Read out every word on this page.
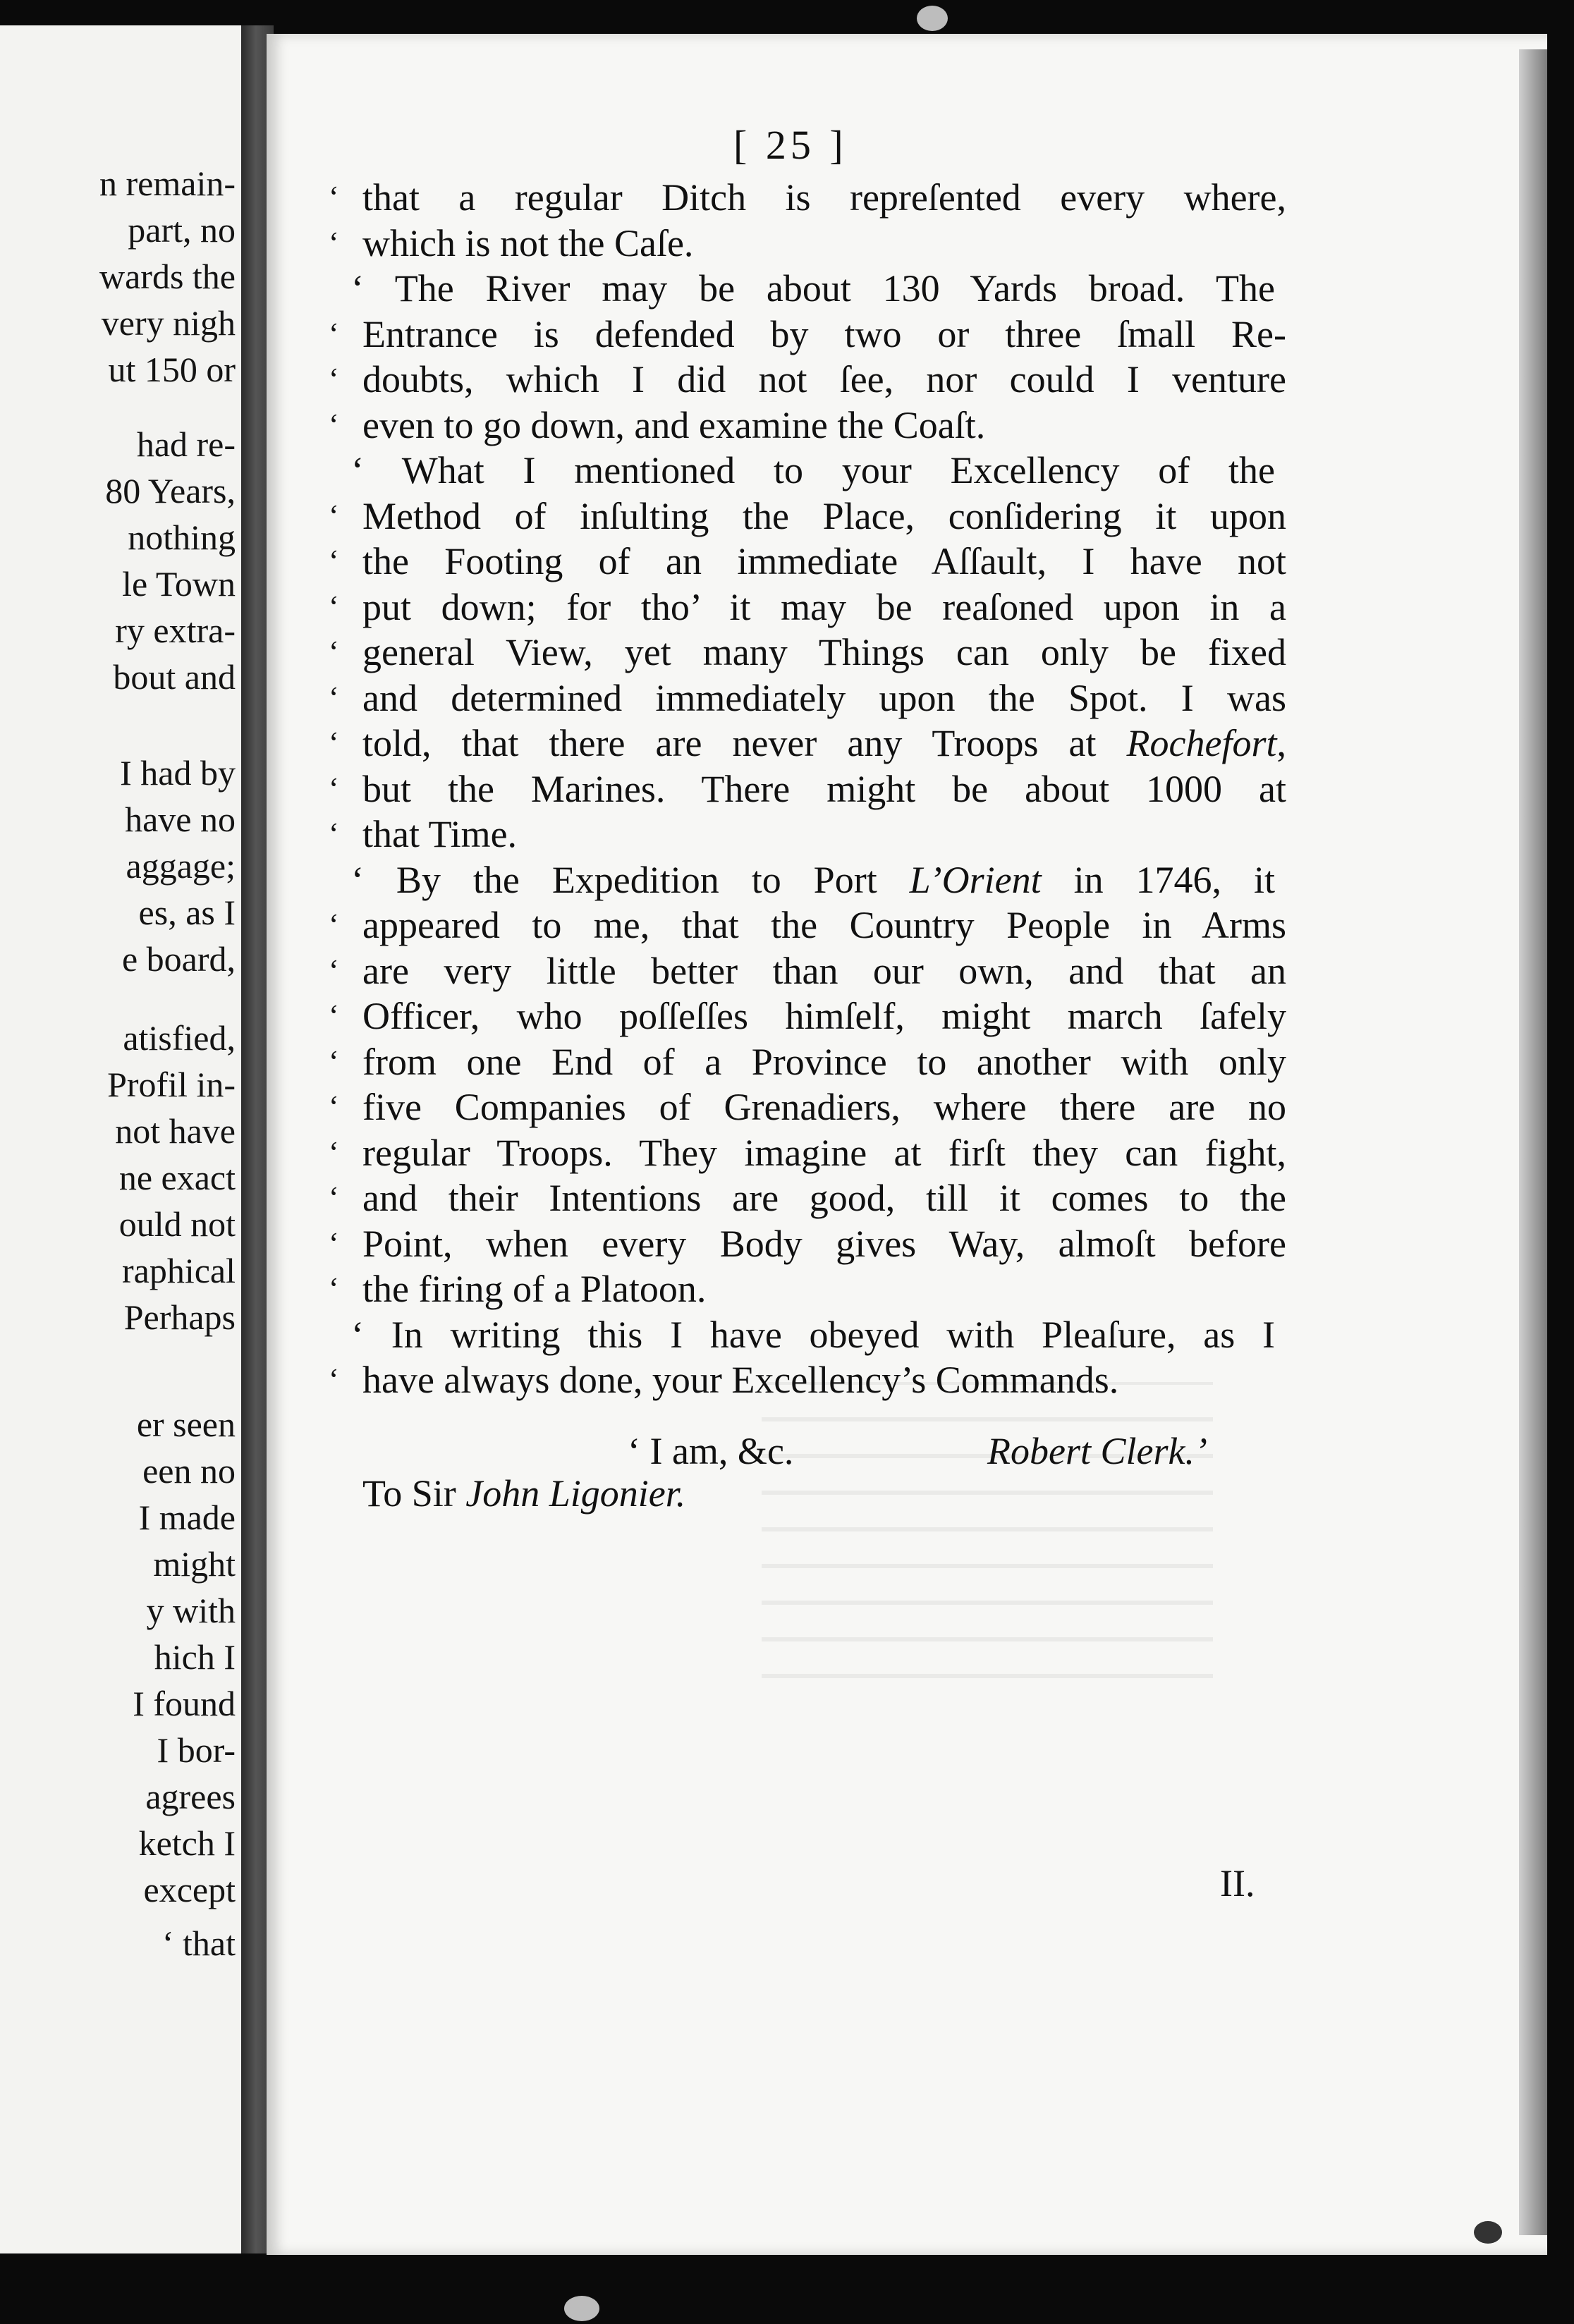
n remain-
part, no
wards the
very nigh
ut 150 or
had re-
80 Years,
nothing
le Town
ry extra-
bout and
I had by
have no
aggage;
es, as I
e board,
atisfied,
Profil in-
not have
ne exact
ould not
raphical
Perhaps
er seen
een no
I made
might
y with
hich I
I found
I bor-
agrees
ketch I
except
‘ that
[ 25 ]
‘ that a regular Ditch is repreſented every where,
‘ which is not the Caſe.
‘ The River may be about 130 Yards broad. The
‘ Entrance is defended by two or three ſmall Re-
‘ doubts, which I did not ſee, nor could I venture
‘ even to go down, and examine the Coaſt.
‘ What I mentioned to your Excellency of the
‘ Method of inſulting the Place, conſidering it upon
‘ the Footing of an immediate Aſſault, I have not
‘ put down; for tho’ it may be reaſoned upon in a
‘ general View, yet many Things can only be fixed
‘ and determined immediately upon the Spot. I was
‘ told, that there are never any Troops at Rochefort,
‘ but the Marines. There might be about 1000 at
‘ that Time.
‘ By the Expedition to Port L’Orient in 1746, it
‘ appeared to me, that the Country People in Arms
‘ are very little better than our own, and that an
‘ Officer, who poſſeſſes himſelf, might march ſafely
‘ from one End of a Province to another with only
‘ five Companies of Grenadiers, where there are no
‘ regular Troops. They imagine at firſt they can fight,
‘ and their Intentions are good, till it comes to the
‘ Point, when every Body gives Way, almoſt before
‘ the firing of a Platoon.
‘ In writing this I have obeyed with Pleaſure, as I
‘ have always done, your Excellency’s Commands.
‘ I am, &c.	Robert Clerk.’
To Sir John Ligonier.
II.
